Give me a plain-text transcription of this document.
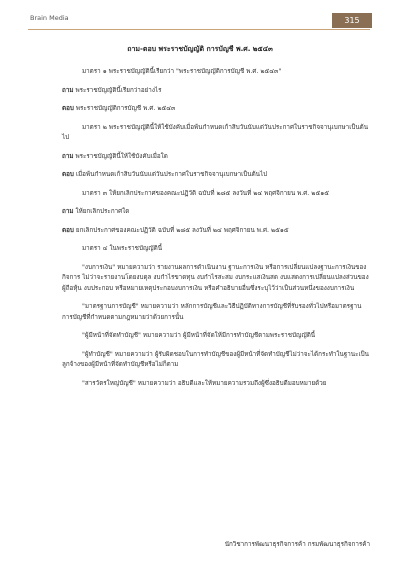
Brain Media	315
ถาม-ตอบ พระราชบัญญัติ การบัญชี พ.ศ. ๒๕๔๓
มาตรา ๑ พระราชบัญญัตินี้เรียกว่า "พระราชบัญญัติการบัญชี พ.ศ. ๒๕๔๓"
ถาม พระราชบัญญัตินี้เรียกว่าอย่างไร
ตอบ พระราชบัญญัติการบัญชี พ.ศ. ๒๕๔๓
มาตรา ๒ พระราชบัญญัตินี้ให้ใช้บังคับเมื่อพ้นกำหนดเก้าสิบวันนับแต่วันประกาศในราชกิจจานุเบกษาเป็นต้นไป
ถาม พระราชบัญญัตินี้ให้ใช้บังคับเมื่อใด
ตอบ เมื่อพ้นกำหนดเก้าสิบวันนับแต่วันประกาศในราชกิจจานุเบกษาเป็นต้นไป
มาตรา ๓ ให้ยกเลิกประกาศของคณะปฏิวัติ ฉบับที่ ๒๘๕ ลงวันที่ ๒๔ พฤศจิกายน พ.ศ. ๒๕๑๕
ถาม ให้ยกเลิกประกาศใด
ตอบ ยกเลิกประกาศของคณะปฏิวัติ ฉบับที่ ๒๘๕ ลงวันที่ ๒๔ พฤศจิกายน พ.ศ. ๒๕๑๕
มาตรา ๔ ในพระราชบัญญัตินี้
"งบการเงิน" หมายความว่า รายงานผลการดำเนินงาน ฐานะการเงิน หรือการเปลี่ยนแปลงฐานะการเงินของกิจการ ไม่ว่าจะรายงานโดยงบดุล งบกำไรขาดทุน งบกำไรสะสม งบกระแสเงินสด งบแสดงการเปลี่ยนแปลงส่วนของผู้ถือหุ้น งบประกอบ หรือหมายเหตุประกอบงบการเงิน หรือคำอธิบายอื่นซึ่งระบุไว้ว่าเป็นส่วนหนึ่งของงบการเงิน
"มาตรฐานการบัญชี" หมายความว่า หลักการบัญชีและวิธีปฏิบัติทางการบัญชีที่รับรองทั่วไปหรือมาตรฐานการบัญชีที่กำหนดตามกฎหมายว่าด้วยการนั้น
"ผู้มีหน้าที่จัดทำบัญชี" หมายความว่า ผู้มีหน้าที่จัดให้มีการทำบัญชีตามพระราชบัญญัตินี้
"ผู้ทำบัญชี" หมายความว่า ผู้รับผิดชอบในการทำบัญชีของผู้มีหน้าที่จัดทำบัญชีไม่ว่าจะได้กระทำในฐานะเป็นลูกจ้างของผู้มีหน้าที่จัดทำบัญชีหรือไม่ก็ตาม
"สารวัตรใหญ่บัญชี" หมายความว่า อธิบดีและให้หมายความรวมถึงผู้ซึ่งอธิบดีมอบหมายด้วย
นักวิชาการพัฒนาธุรกิจการค้า กรมพัฒนาธุรกิจการค้า
